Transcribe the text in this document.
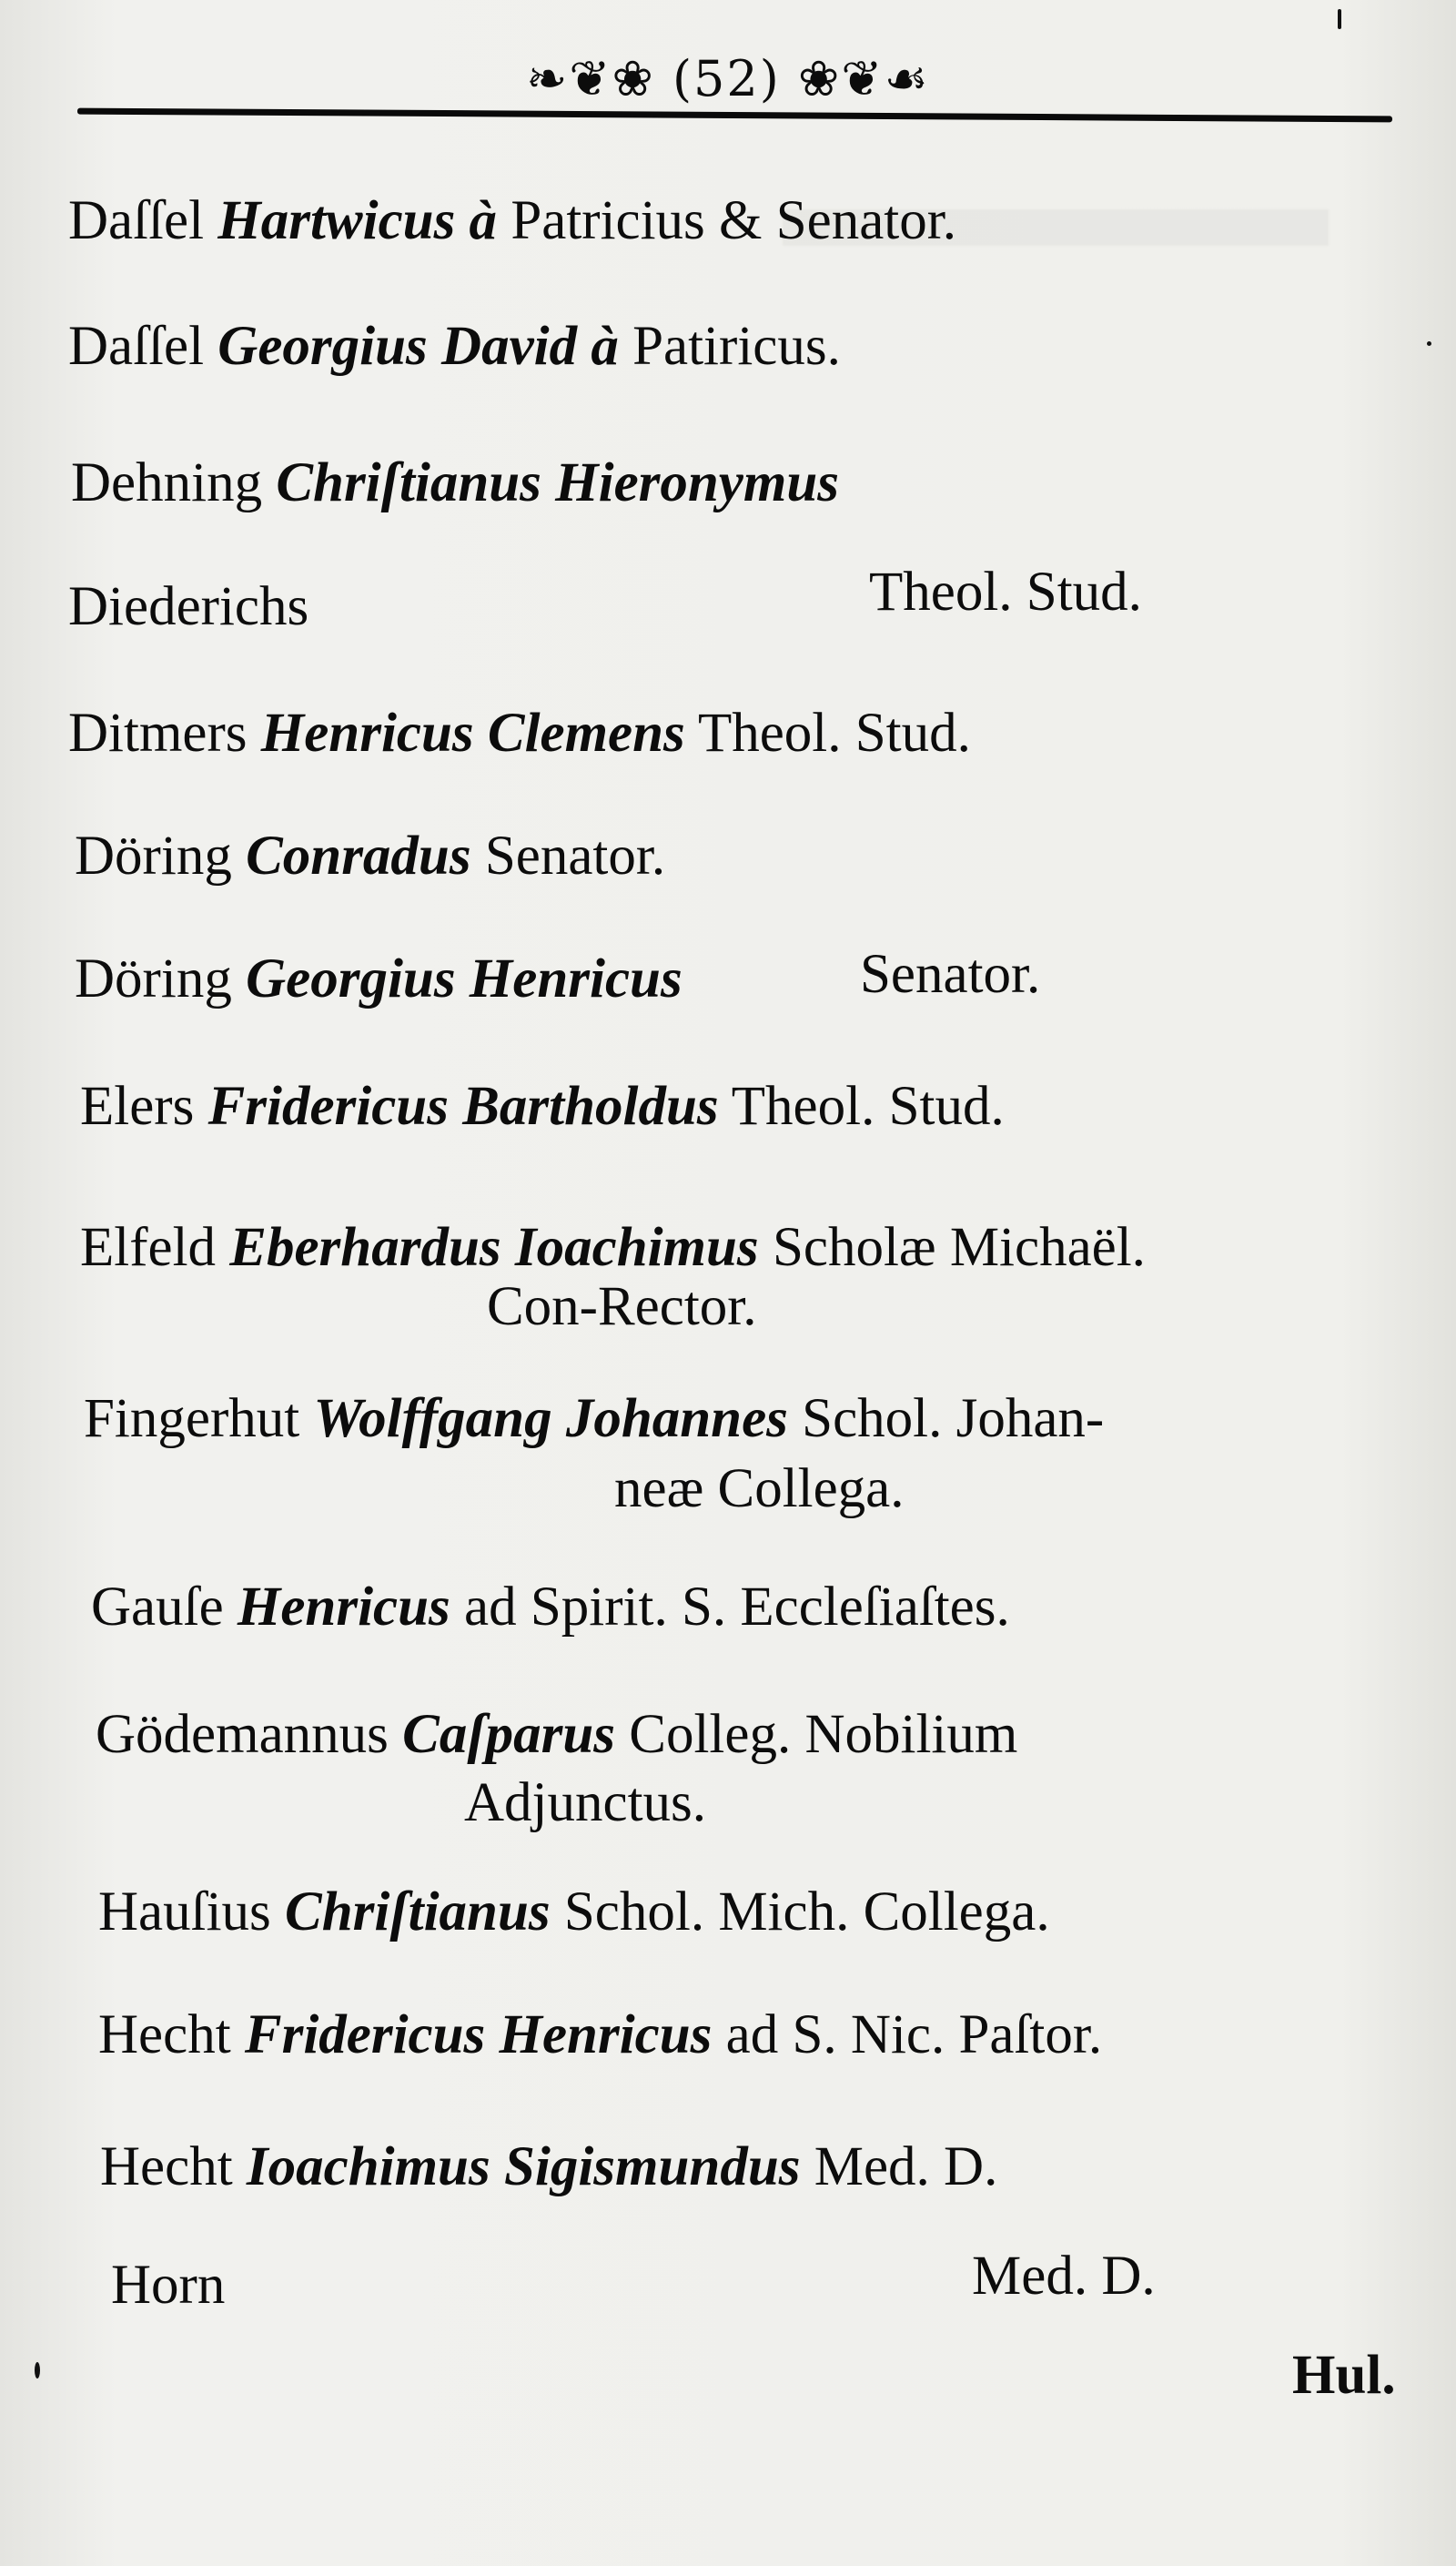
❧❦❀ (52) ❀❦☙
Daſſel Hartwicus à Patricius & Senator.
Daſſel Georgius David à Patiricus.
Dehning Chriſtianus Hieronymus
Diederichs	Theol. Stud.
Ditmers Henricus Clemens Theol. Stud.
Döring Conradus Senator.
Döring Georgius Henricus	Senator.
Elers Fridericus Bartholdus Theol. Stud.
Elfeld Eberhardus Ioachimus Scholæ Michaël.
Con-Rector.
Fingerhut Wolffgang Johannes Schol. Johan-
neæ Collega.
Gauſe Henricus ad Spirit. S. Eccleſiaſtes.
Gödemannus Caſparus Colleg. Nobilium
Adjunctus.
Hauſius Chriſtianus Schol. Mich. Collega.
Hecht Fridericus Henricus ad S. Nic. Paſtor.
Hecht Ioachimus Sigismundus Med. D.
Horn	Med. D.
Hul.
